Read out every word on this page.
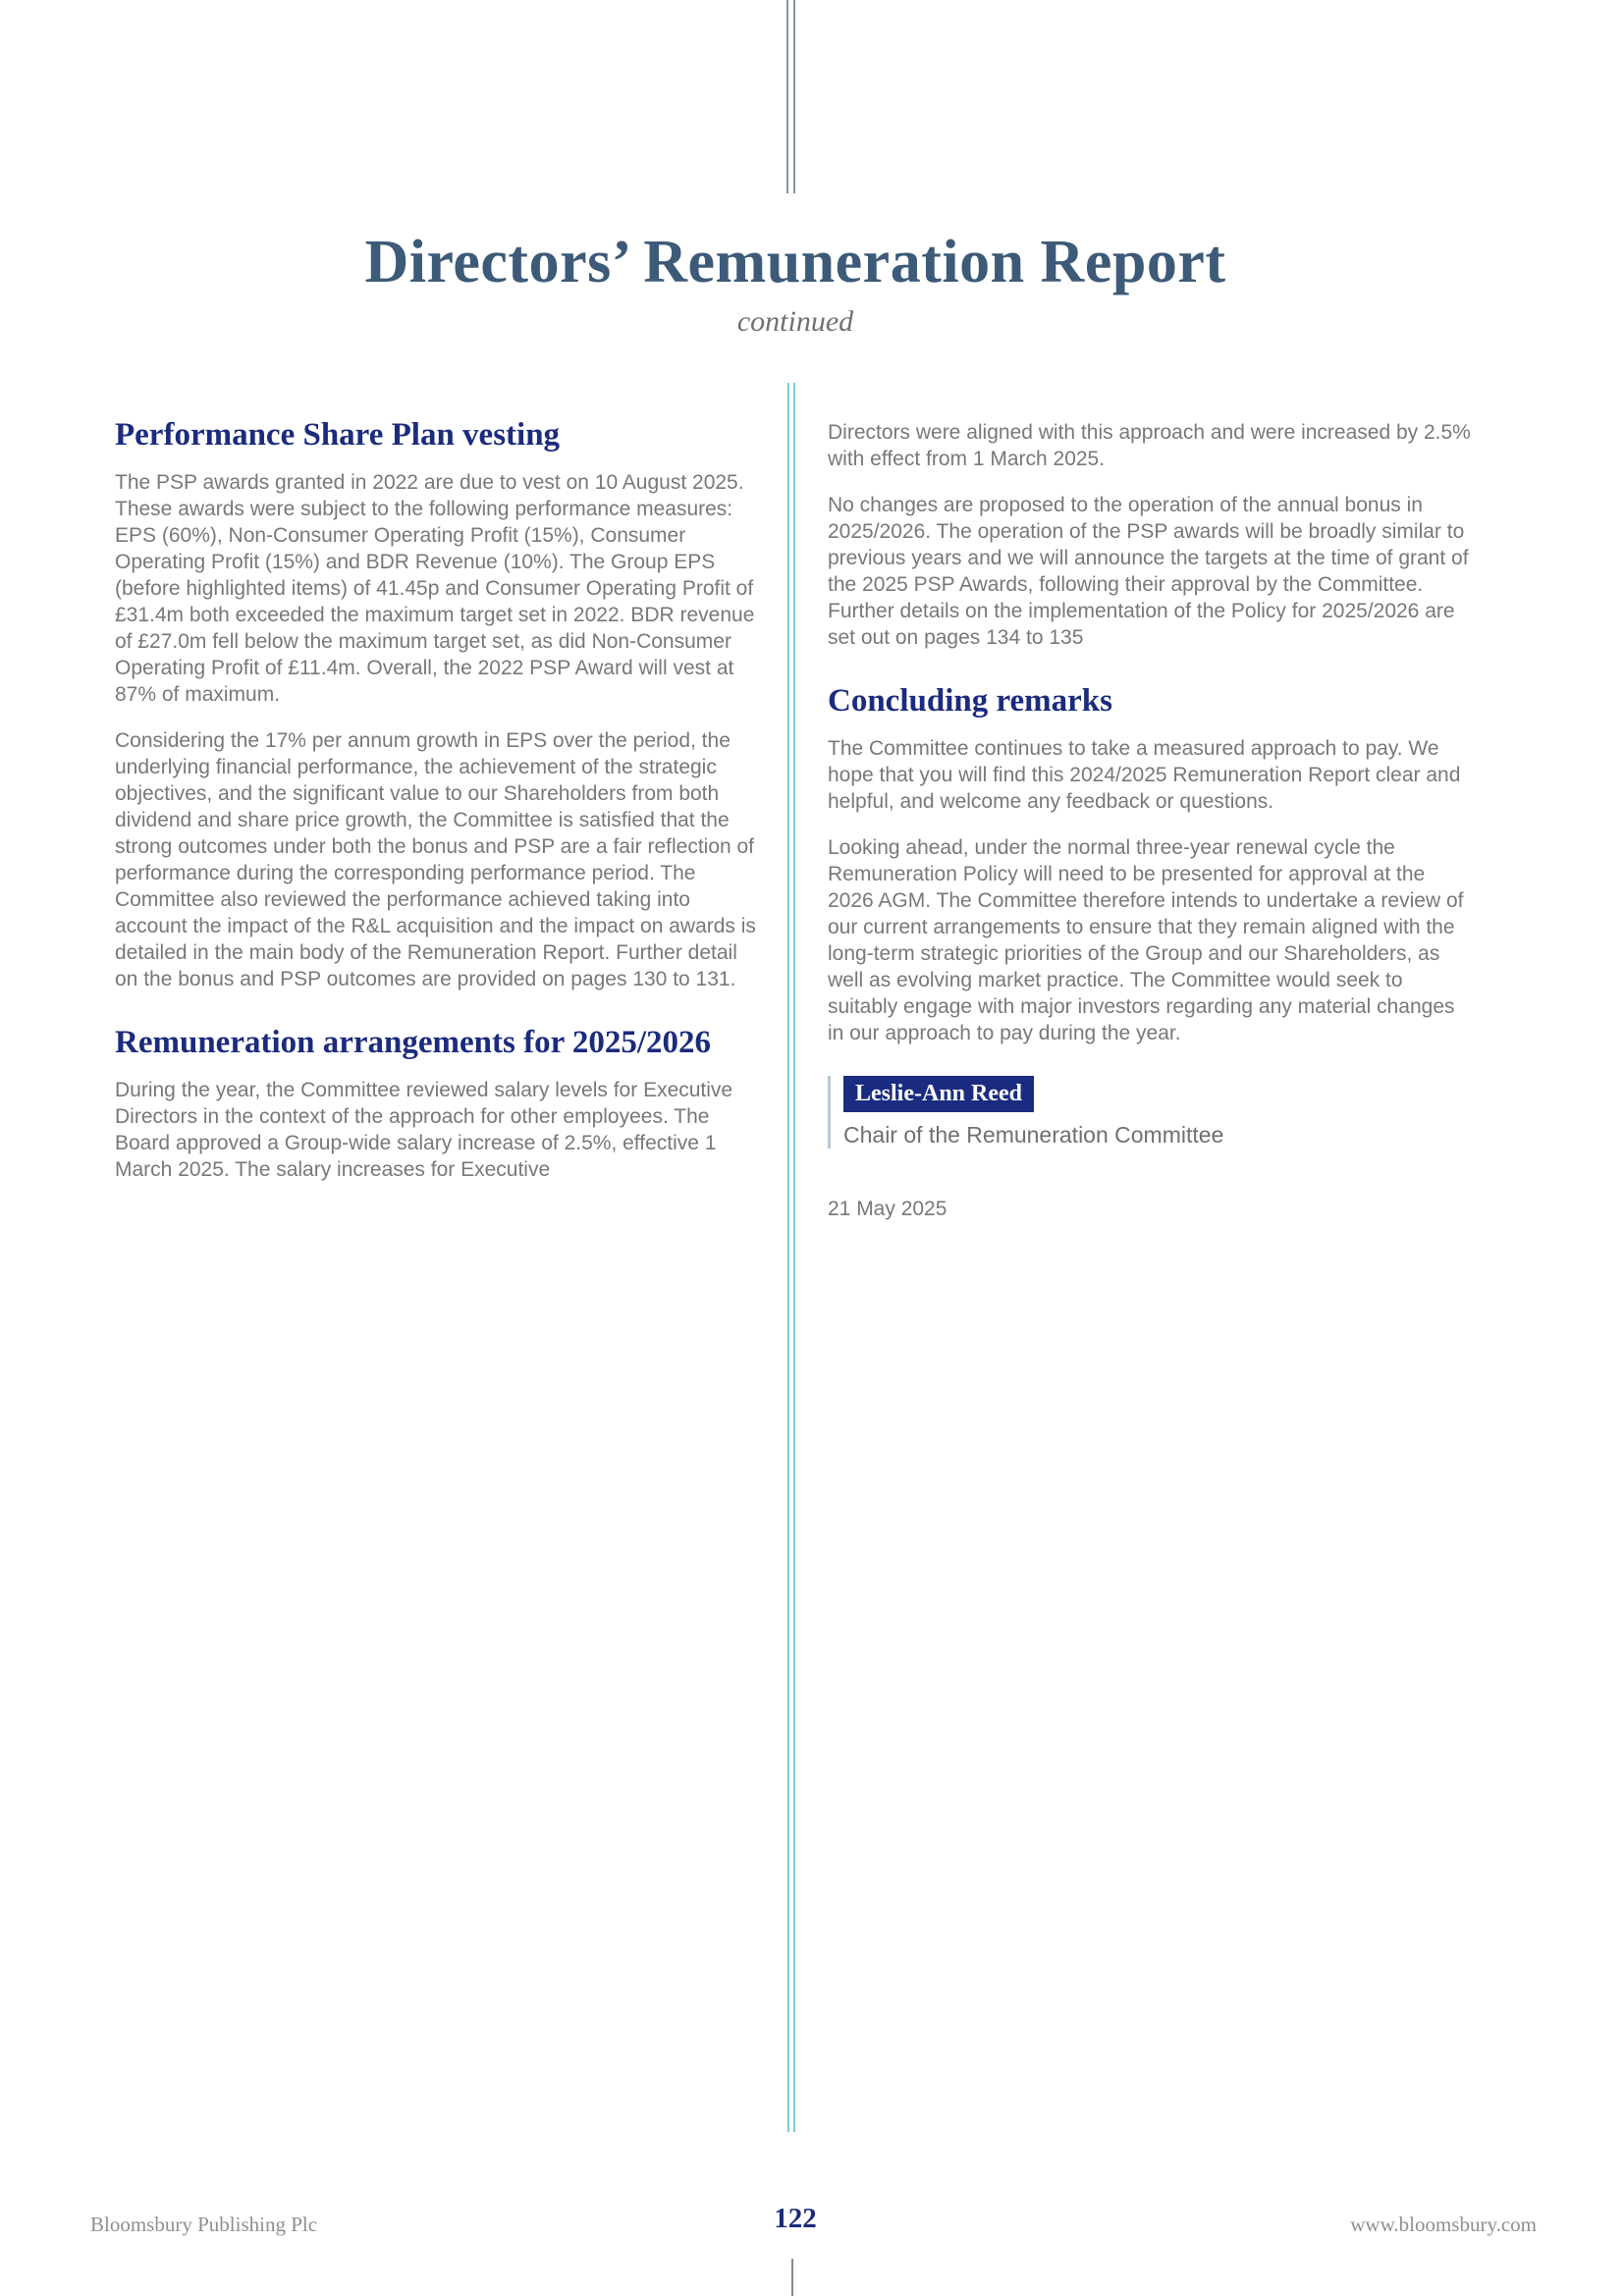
Directors’ Remuneration Report
continued
Performance Share Plan vesting

The PSP awards granted in 2022 are due to vest on 10 August 2025. These awards were subject to the following performance measures: EPS (60%), Non-Consumer Operating Profit (15%), Consumer Operating Profit (15%) and BDR Revenue (10%). The Group EPS (before highlighted items) of 41.45p and Consumer Operating Profit of £31.4m both exceeded the maximum target set in 2022. BDR revenue of £27.0m fell below the maximum target set, as did Non-Consumer Operating Profit of £11.4m. Overall, the 2022 PSP Award will vest at 87% of maximum.

Considering the 17% per annum growth in EPS over the period, the underlying financial performance, the achievement of the strategic objectives, and the significant value to our Shareholders from both dividend and share price growth, the Committee is satisfied that the strong outcomes under both the bonus and PSP are a fair reflection of performance during the corresponding performance period. The Committee also reviewed the performance achieved taking into account the impact of the R&L acquisition and the impact on awards is detailed in the main body of the Remuneration Report. Further detail on the bonus and PSP outcomes are provided on pages 130 to 131.

Remuneration arrangements for 2025/2026

During the year, the Committee reviewed salary levels for Executive Directors in the context of the approach for other employees. The Board approved a Group-wide salary increase of 2.5%, effective 1 March 2025. The salary increases for Executive

Directors were aligned with this approach and were increased by 2.5% with effect from 1 March 2025.

No changes are proposed to the operation of the annual bonus in 2025/2026. The operation of the PSP awards will be broadly similar to previous years and we will announce the targets at the time of grant of the 2025 PSP Awards, following their approval by the Committee. Further details on the implementation of the Policy for 2025/2026 are set out on pages 134 to 135

Concluding remarks

The Committee continues to take a measured approach to pay. We hope that you will find this 2024/2025 Remuneration Report clear and helpful, and welcome any feedback or questions.

Looking ahead, under the normal three-year renewal cycle the Remuneration Policy will need to be presented for approval at the 2026 AGM. The Committee therefore intends to undertake a review of our current arrangements to ensure that they remain aligned with the long-term strategic priorities of the Group and our Shareholders, as well as evolving market practice. The Committee would seek to suitably engage with major investors regarding any material changes in our approach to pay during the year.

Leslie-Ann Reed
Chair of the Remuneration Committee
21 May 2025
Bloomsbury Publishing Plc	122	www.bloomsbury.com
